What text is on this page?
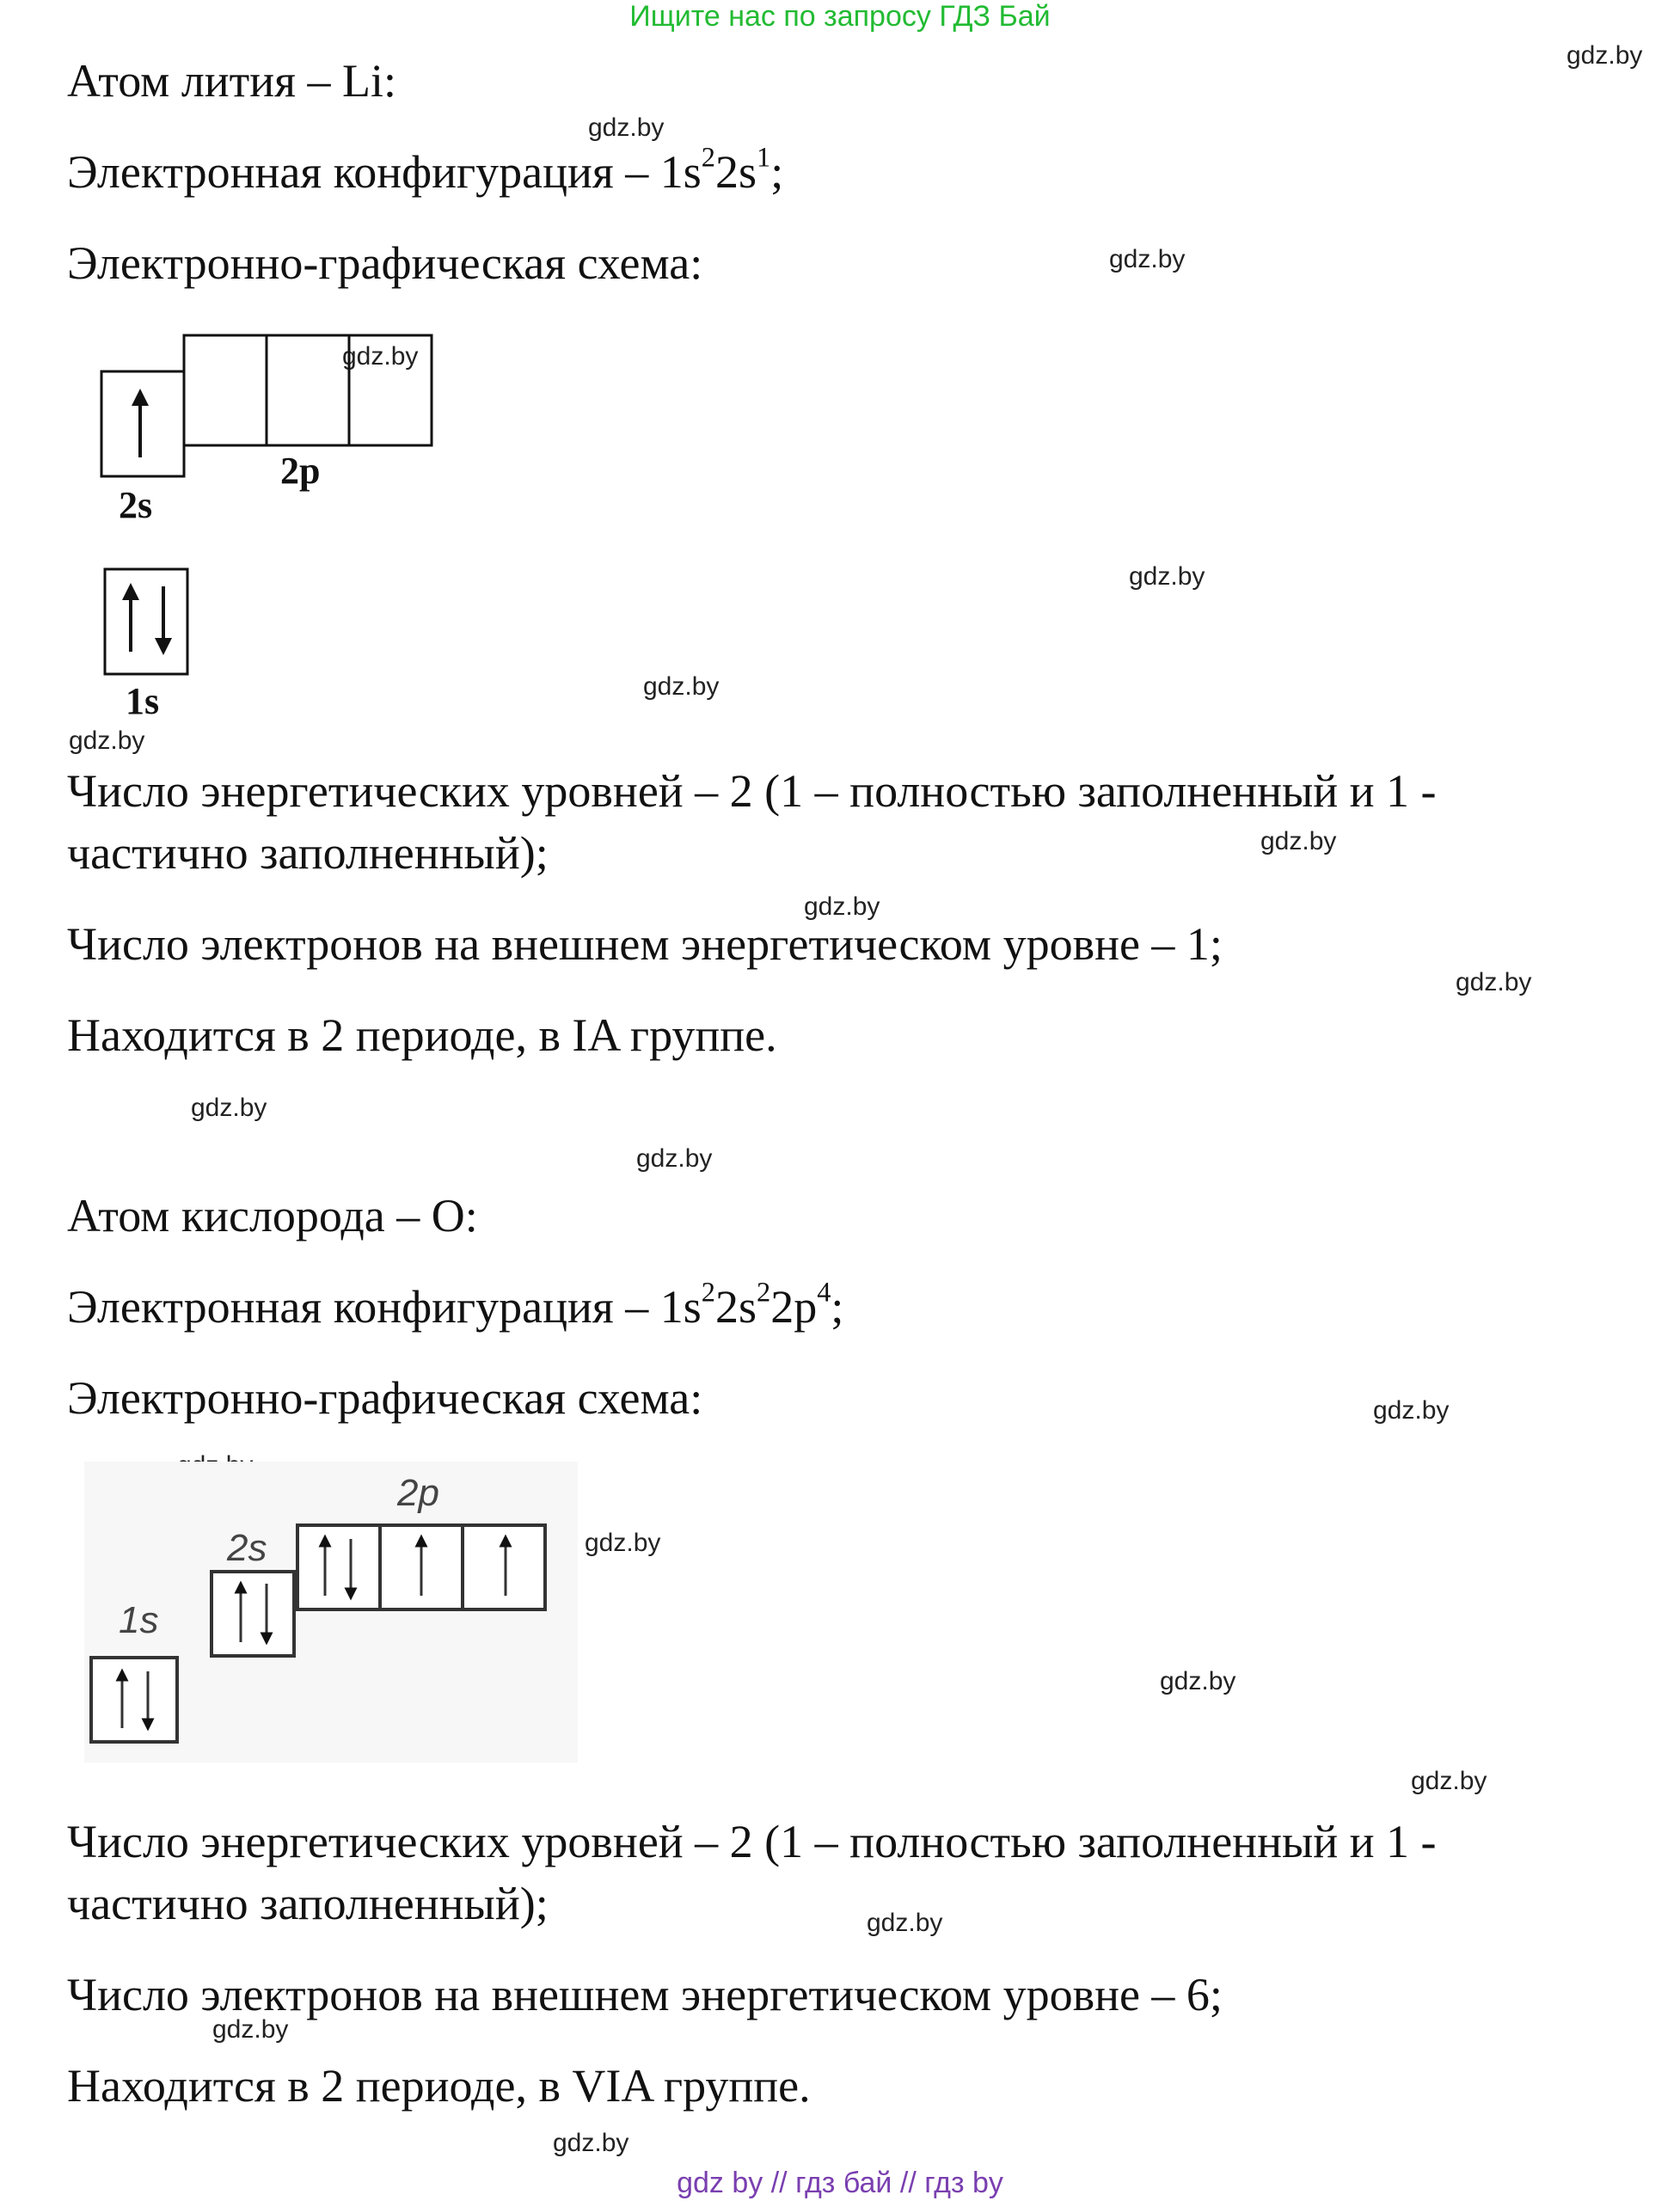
Ищите нас по запросу ГДЗ Бай
gdz.by
gdz.by
gdz.by
gdz.by
gdz.by
gdz.by
gdz.by
gdz.by
gdz.by
gdz.by
gdz.by
gdz.by
gdz.by
gdz.by
gdz.by
gdz.by
gdz.by
gdz.by
gdz.by
Атом лития – Li:
Электронная конфигурация – $1s^22s^1$;
Электронно-графическая схема:
2s
2p
1s
Число энергетических уровней – 2 (1 – полностью заполненный и 1 -
частично заполненный);
Число электронов на внешнем энергетическом уровне – 1;
Находится в 2 периоде, в IA группе.
Атом кислорода – O:
Электронная конфигурация – $1s^22s^22p^4$;
Электронно-графическая схема:
1s
2s
2p
Число энергетических уровней – 2 (1 – полностью заполненный и 1 -
частично заполненный);
Число электронов на внешнем энергетическом уровне – 6;
Находится в 2 периоде, в VIA группе.
gdz by // гдз бай // гдз by
